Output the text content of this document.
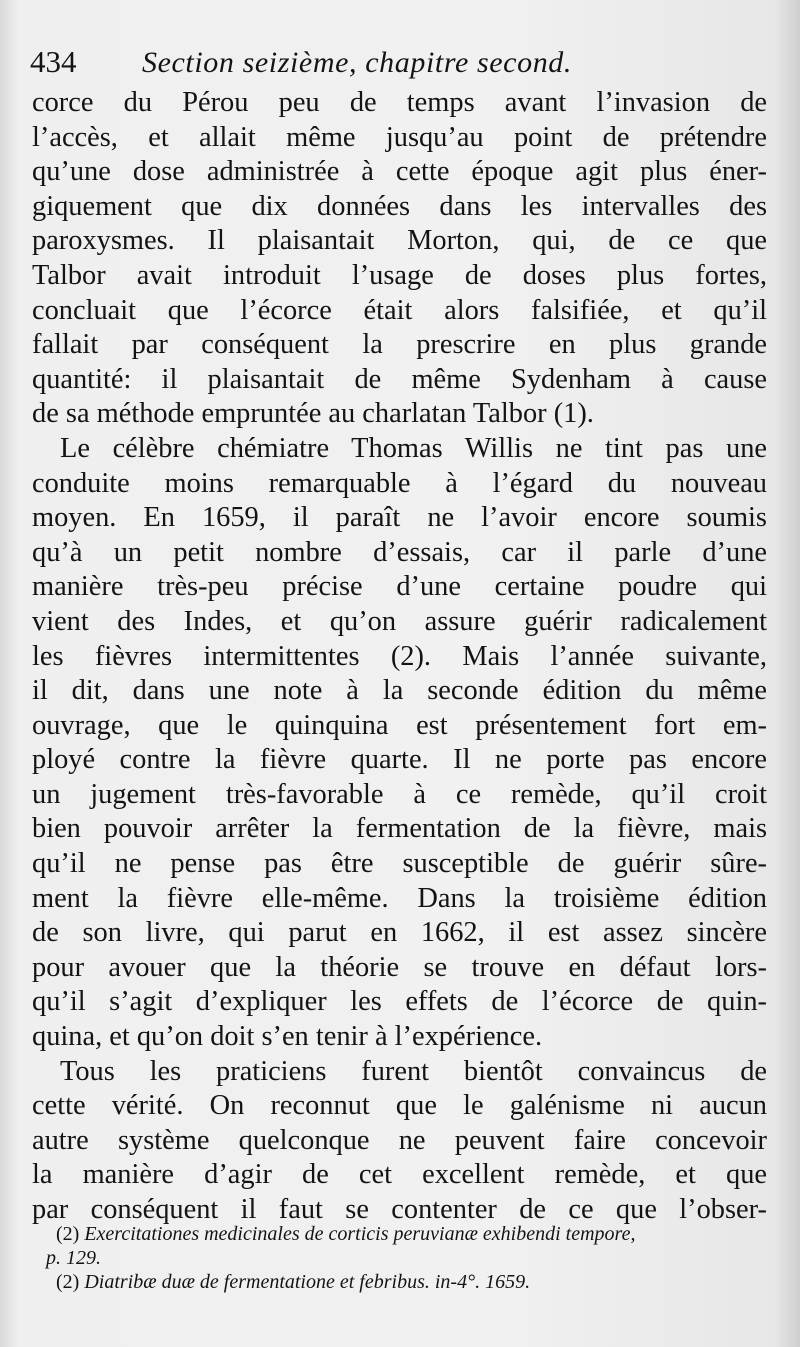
434	Section seizième, chapitre second.
corce du Pérou peu de temps avant l’invasion de
l’accès, et allait même jusqu’au point de prétendre
qu’une dose administrée à cette époque agit plus éner-
giquement que dix données dans les intervalles des
paroxysmes. Il plaisantait Morton, qui, de ce que
Talbor avait introduit l’usage de doses plus fortes,
concluait que l’écorce était alors falsifiée, et qu’il
fallait par conséquent la prescrire en plus grande
quantité: il plaisantait de même Sydenham à cause
de sa méthode empruntée au charlatan Talbor (1).
Le célèbre chémiatre Thomas Willis ne tint pas une
conduite moins remarquable à l’égard du nouveau
moyen. En 1659, il paraît ne l’avoir encore soumis
qu’à un petit nombre d’essais, car il parle d’une
manière très-peu précise d’une certaine poudre qui
vient des Indes, et qu’on assure guérir radicalement
les fièvres intermittentes (2). Mais l’année suivante,
il dit, dans une note à la seconde édition du même
ouvrage, que le quinquina est présentement fort em-
ployé contre la fièvre quarte. Il ne porte pas encore
un jugement très-favorable à ce remède, qu’il croit
bien pouvoir arrêter la fermentation de la fièvre, mais
qu’il ne pense pas être susceptible de guérir sûre-
ment la fièvre elle-même. Dans la troisième édition
de son livre, qui parut en 1662, il est assez sincère
pour avouer que la théorie se trouve en défaut lors-
qu’il s’agit d’expliquer les effets de l’écorce de quin-
quina, et qu’on doit s’en tenir à l’expérience.
Tous les praticiens furent bientôt convaincus de
cette vérité. On reconnut que le galénisme ni aucun
autre système quelconque ne peuvent faire concevoir
la manière d’agir de cet excellent remède, et que
par conséquent il faut se contenter de ce que l’obser-
(2) Exercitationes medicinales de corticis peruvianæ exhibendi tempore,
p. 129.
(2) Diatribæ duæ de fermentatione et febribus. in-4°. 1659.
